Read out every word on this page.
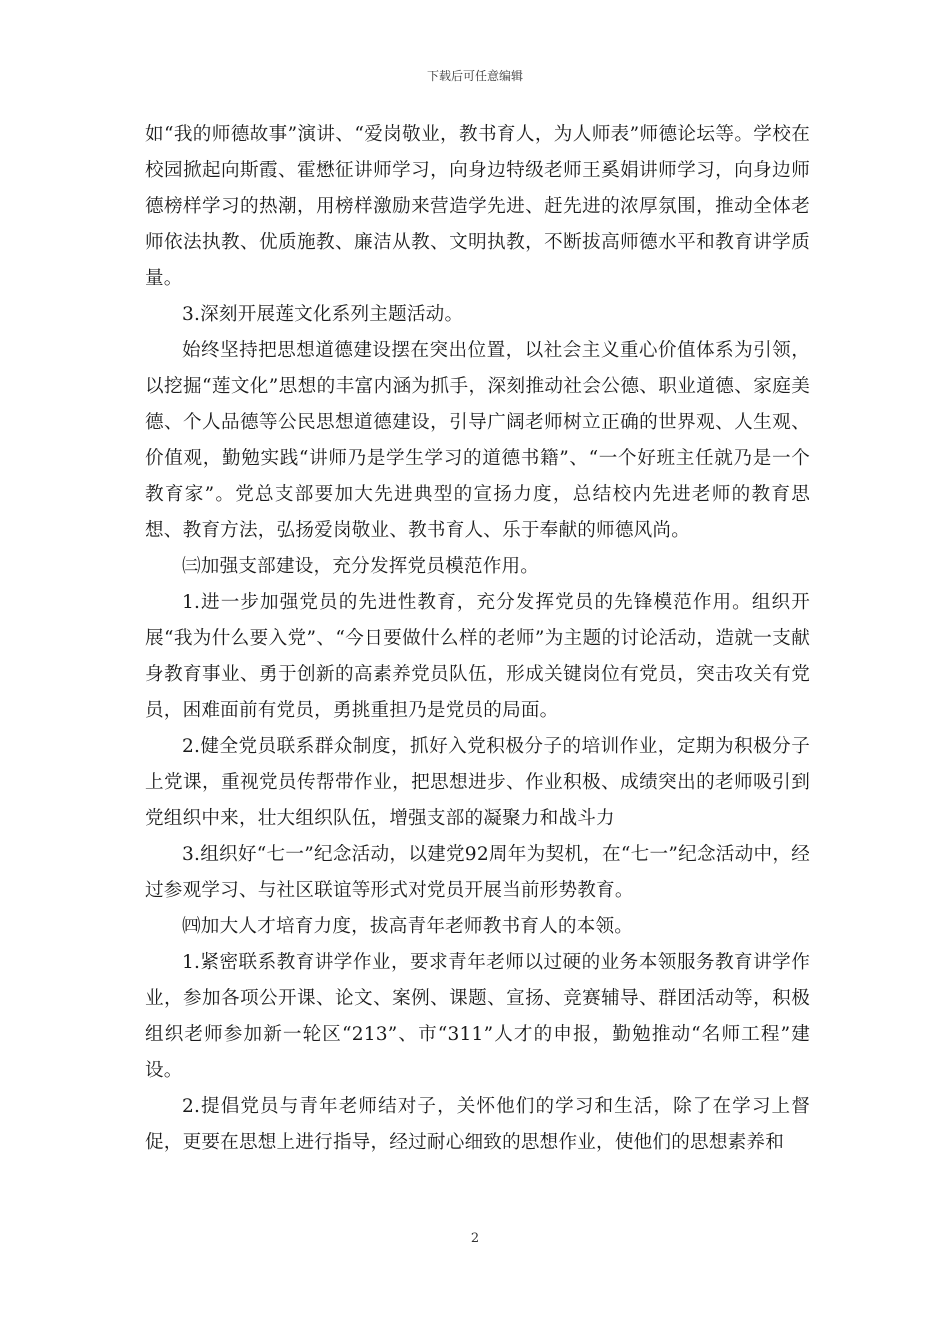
下载后可任意编辑

如“我的师德故事”演讲、“爱岗敬业，教书育人，为人师表”师德论坛等。学校在校园掀起向斯霞、霍懋征讲师学习，向身边特级老师王奚娟讲师学习，向身边师德榜样学习的热潮，用榜样激励来营造学先进、赶先进的浓厚氛围，推动全体老师依法执教、优质施教、廉洁从教、文明执教，不断拔高师德水平和教育讲学质量。

3.深刻开展莲文化系列主题活动。

始终坚持把思想道德建设摆在突出位置，以社会主义重心价值体系为引领，以挖掘“莲文化”思想的丰富内涵为抓手，深刻推动社会公德、职业道德、家庭美德、个人品德等公民思想道德建设，引导广阔老师树立正确的世界观、人生观、价值观，勤勉实践“讲师乃是学生学习的道德书籍”、“一个好班主任就乃是一个教育家”。党总支部要加大先进典型的宣扬力度，总结校内先进老师的教育思想、教育方法，弘扬爱岗敬业、教书育人、乐于奉献的师德风尚。

㈢加强支部建设，充分发挥党员模范作用。

1.进一步加强党员的先进性教育，充分发挥党员的先锋模范作用。组织开展“我为什么要入党”、“今日要做什么样的老师”为主题的讨论活动，造就一支献身教育事业、勇于创新的高素养党员队伍，形成关键岗位有党员，突击攻关有党员，困难面前有党员，勇挑重担乃是党员的局面。

2.健全党员联系群众制度，抓好入党积极分子的培训作业，定期为积极分子上党课，重视党员传帮带作业，把思想进步、作业积极、成绩突出的老师吸引到党组织中来，壮大组织队伍，增强支部的凝聚力和战斗力

3.组织好“七一”纪念活动，以建党92周年为契机，在“七一”纪念活动中，经过参观学习、与社区联谊等形式对党员开展当前形势教育。

㈣加大人才培育力度，拔高青年老师教书育人的本领。

1.紧密联系教育讲学作业，要求青年老师以过硬的业务本领服务教育讲学作业，参加各项公开课、论文、案例、课题、宣扬、竞赛辅导、群团活动等，积极组织老师参加新一轮区“213”、市“311”人才的申报，勤勉推动“名师工程”建设。

2.提倡党员与青年老师结对子，关怀他们的学习和生活，除了在学习上督促，更要在思想上进行指导，经过耐心细致的思想作业，使他们的思想素养和

2
